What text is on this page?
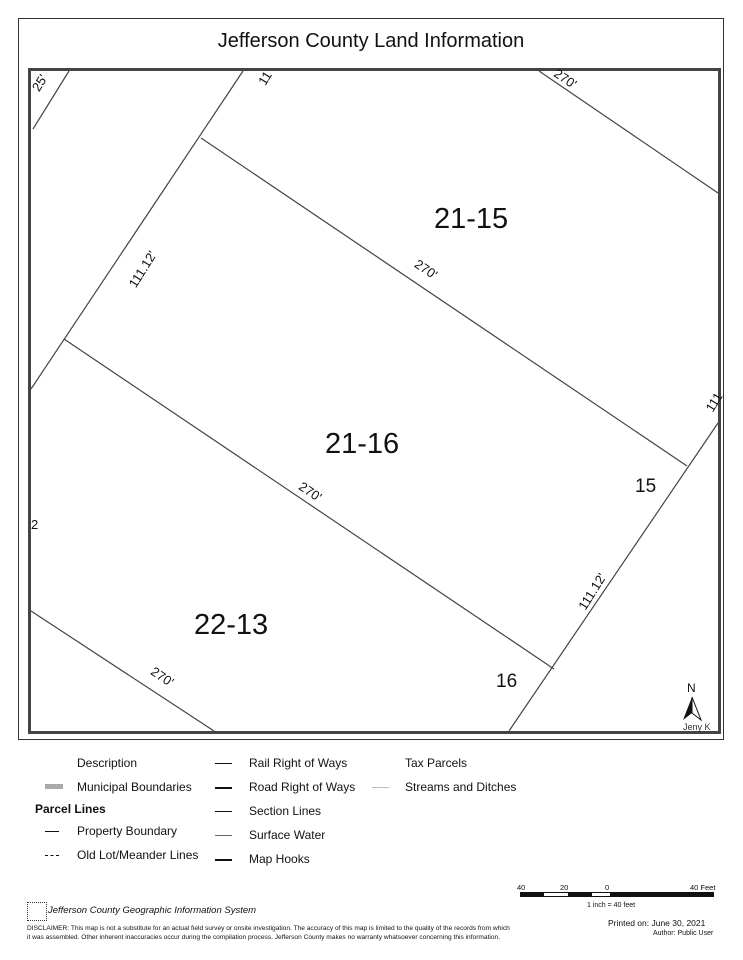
Jefferson County Land Information
21-15
21-16
22-13
15
16
25'	11	270'
270'
111.12'
111
270'
111.12'
270'
2
N
Jeny K
Description
Municipal Boundaries
Parcel Lines
Property Boundary
Old Lot/Meander Lines
Rail Right of Ways
Road Right of Ways
Section Lines
Surface Water
Map Hooks
Tax Parcels
Streams and Ditches
40	20	0	40 Feet
1 inch = 40 feet
Jefferson County Geographic Information System
Printed on: June 30, 2021
Author: Public User
DISCLAIMER: This map is not a substitute for an actual field survey or onsite investigation. The accuracy of this map is limited to the quality of the records from which
it was assembled. Other inherent inaccuracies occur during the compilation process. Jefferson County makes no warranty whatsoever concerning this information.
